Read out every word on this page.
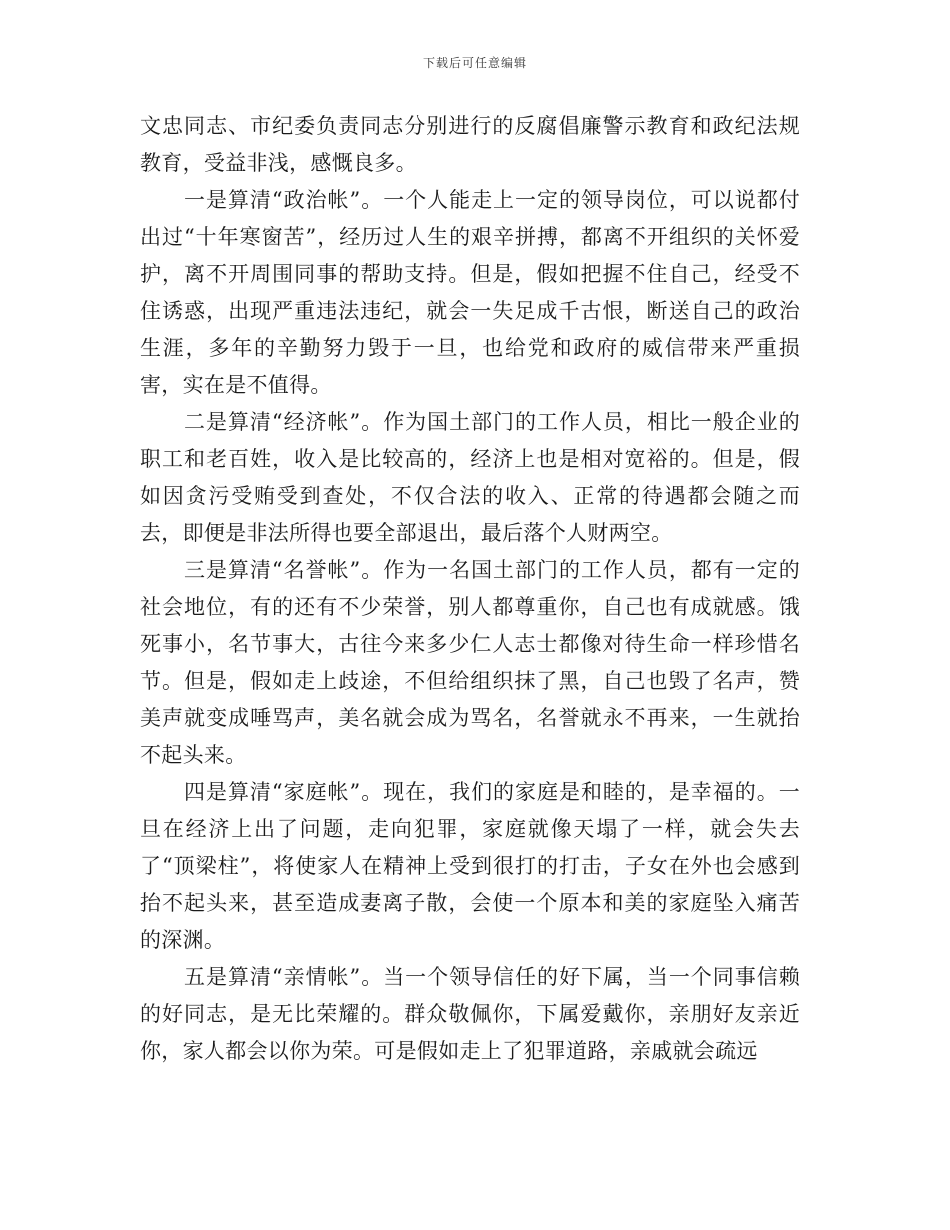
下载后可任意编辑

文忠同志、市纪委负责同志分别进行的反腐倡廉警示教育和政纪法规教育，受益非浅，感慨良多。

一是算清“政治帐”。一个人能走上一定的领导岗位，可以说都付出过“十年寒窗苦”，经历过人生的艰辛拼搏，都离不开组织的关怀爱护，离不开周围同事的帮助支持。但是，假如把握不住自己，经受不住诱惑，出现严重违法违纪，就会一失足成千古恨，断送自己的政治生涯，多年的辛勤努力毁于一旦，也给党和政府的威信带来严重损害，实在是不值得。

二是算清“经济帐”。作为国土部门的工作人员，相比一般企业的职工和老百姓，收入是比较高的，经济上也是相对宽裕的。但是，假如因贪污受贿受到查处，不仅合法的收入、正常的待遇都会随之而去，即便是非法所得也要全部退出，最后落个人财两空。

三是算清“名誉帐”。作为一名国土部门的工作人员，都有一定的社会地位，有的还有不少荣誉，别人都尊重你，自己也有成就感。饿死事小，名节事大，古往今来多少仁人志士都像对待生命一样珍惜名节。但是，假如走上歧途，不但给组织抹了黑，自己也毁了名声，赞美声就变成唾骂声，美名就会成为骂名，名誉就永不再来，一生就抬不起头来。

四是算清“家庭帐”。现在，我们的家庭是和睦的，是幸福的。一旦在经济上出了问题，走向犯罪，家庭就像天塌了一样，就会失去了“顶梁柱”，将使家人在精神上受到很打的打击，子女在外也会感到抬不起头来，甚至造成妻离子散，会使一个原本和美的家庭坠入痛苦的深渊。

五是算清“亲情帐”。当一个领导信任的好下属，当一个同事信赖的好同志，是无比荣耀的。群众敬佩你，下属爱戴你，亲朋好友亲近你，家人都会以你为荣。可是假如走上了犯罪道路，亲戚就会疏远
